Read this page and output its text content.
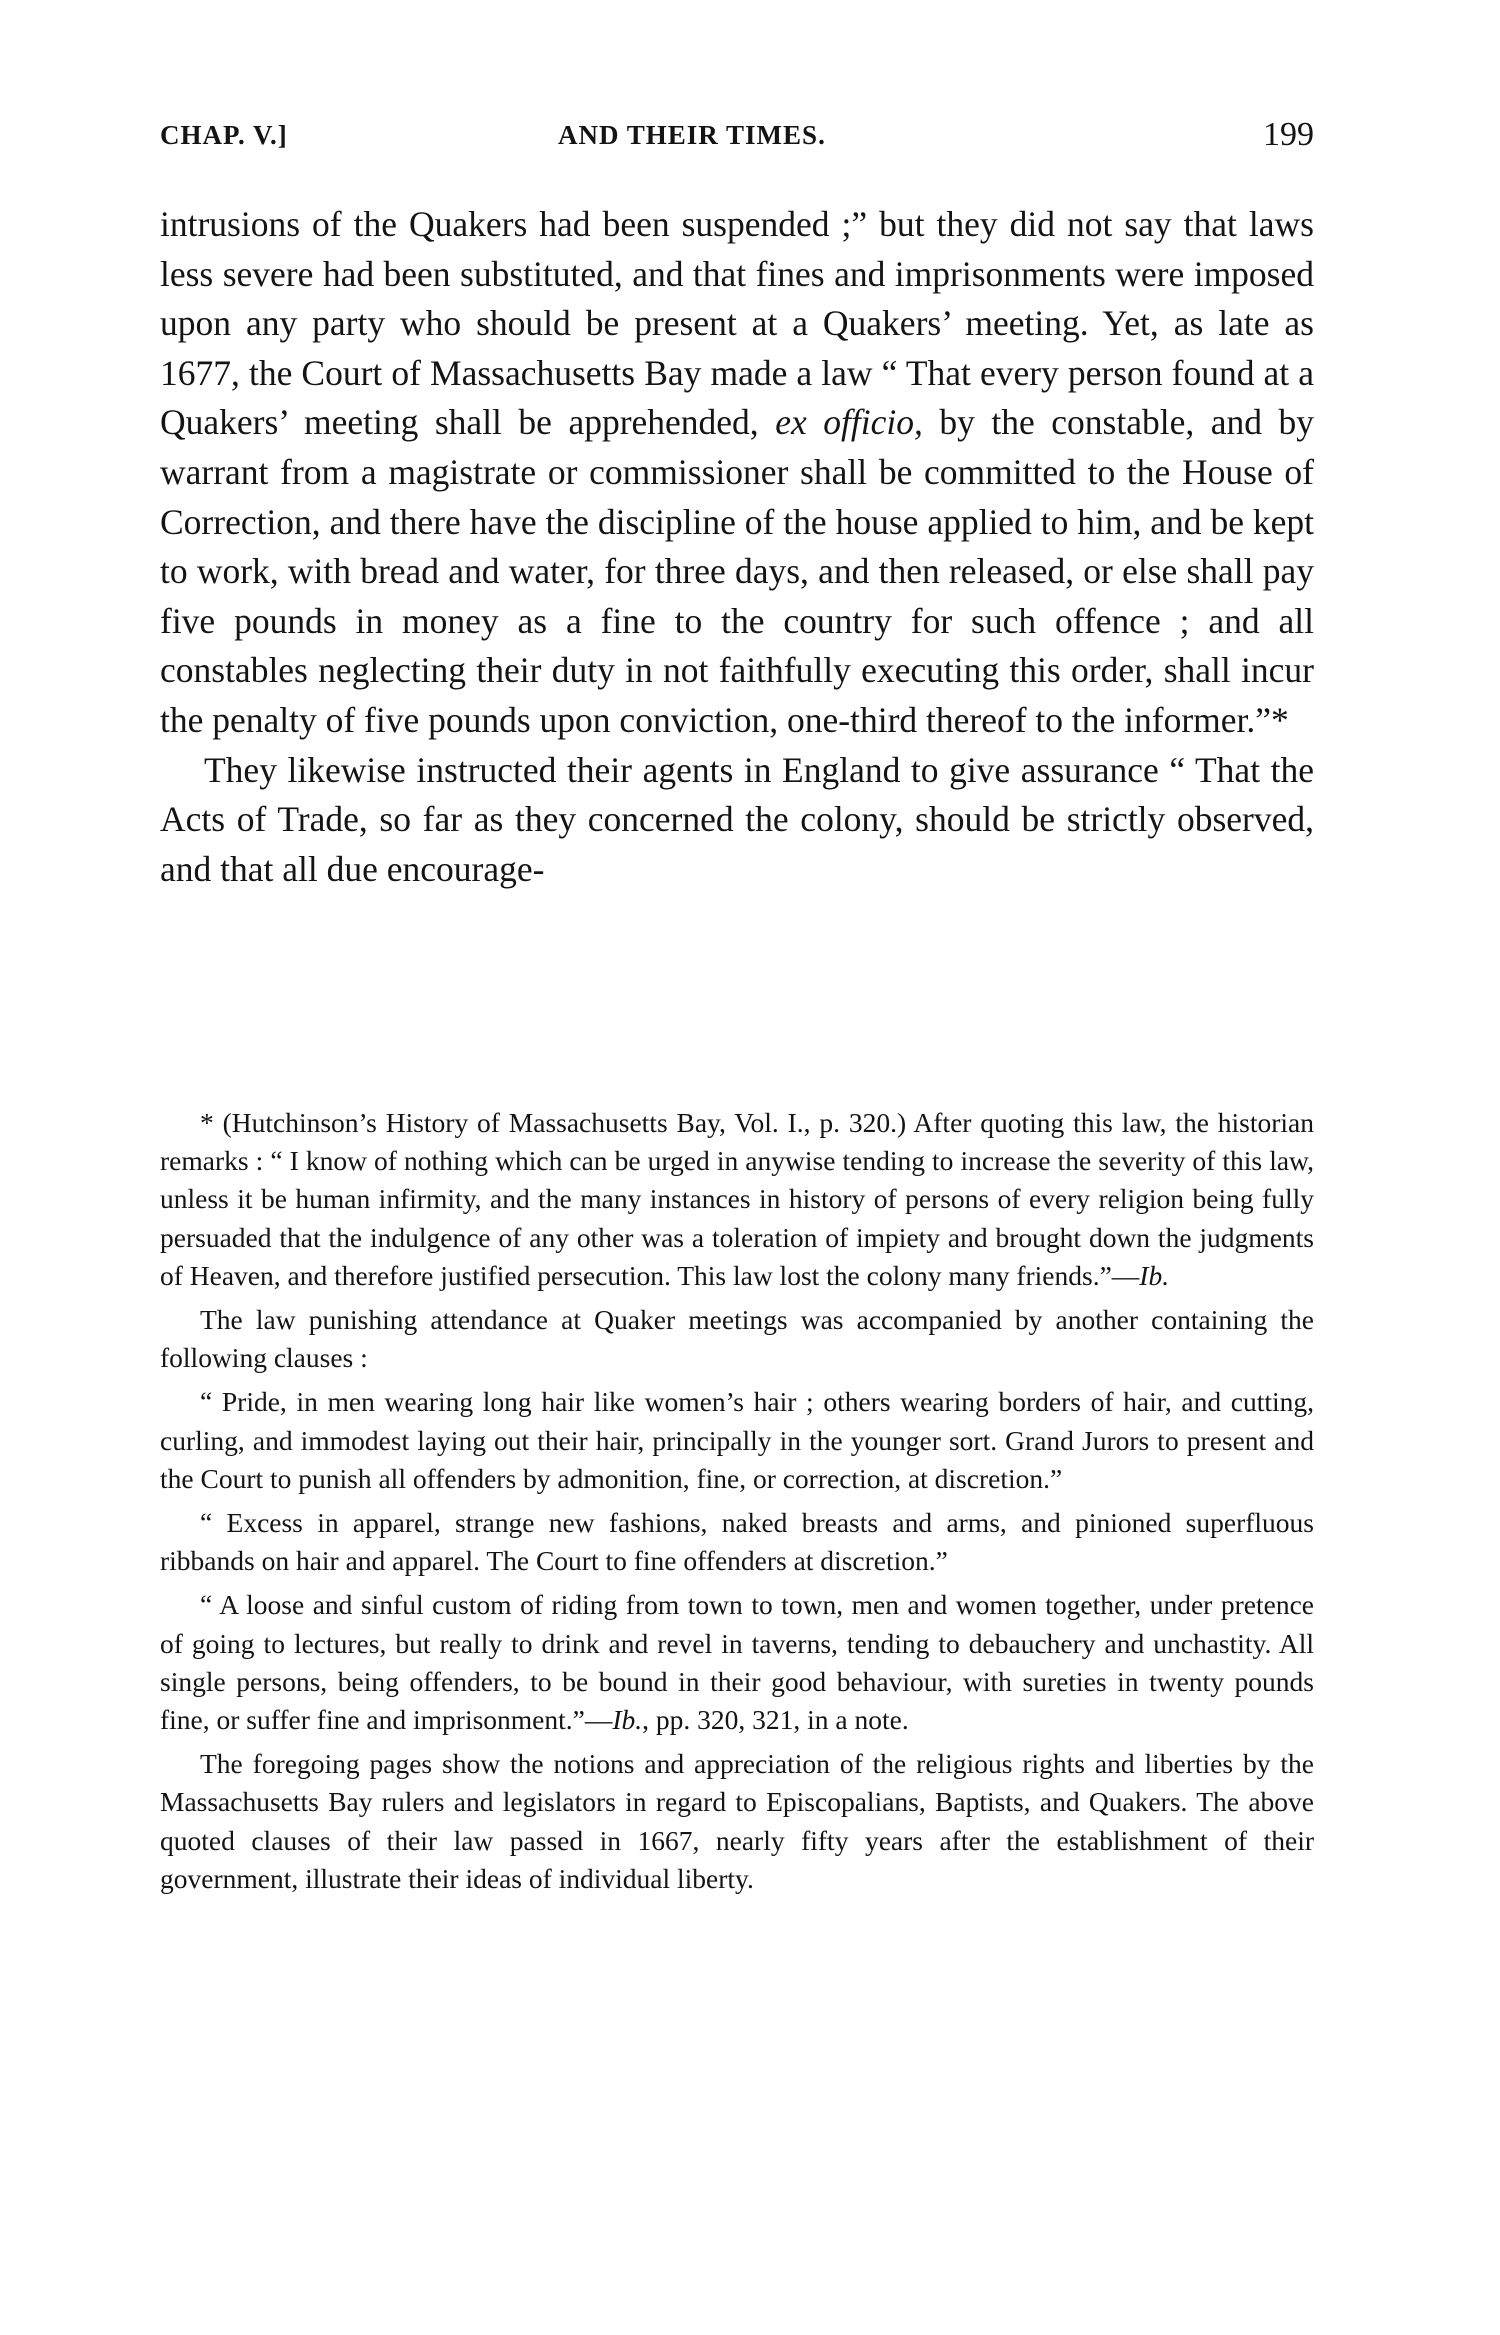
CHAP. V.]	AND THEIR TIMES.	199

intrusions of the Quakers had been suspended ;” but they did not say that laws less severe had been substituted, and that fines and imprisonments were imposed upon any party who should be present at a Quakers’ meeting. Yet, as late as 1677, the Court of Massachusetts Bay made a law “ That every person found at a Quakers’ meeting shall be apprehended, ex officio, by the constable, and by warrant from a magistrate or commissioner shall be committed to the House of Correction, and there have the discipline of the house applied to him, and be kept to work, with bread and water, for three days, and then released, or else shall pay five pounds in money as a fine to the country for such offence ; and all constables neglecting their duty in not faithfully executing this order, shall incur the penalty of five pounds upon conviction, one-third thereof to the informer.”*

They likewise instructed their agents in England to give assurance “ That the Acts of Trade, so far as they concerned the colony, should be strictly observed, and that all due encourage-

* (Hutchinson’s History of Massachusetts Bay, Vol. I., p. 320.) After quoting this law, the historian remarks : “ I know of nothing which can be urged in anywise tending to increase the severity of this law, unless it be human infirmity, and the many instances in history of persons of every religion being fully persuaded that the indulgence of any other was a toleration of impiety and brought down the judgments of Heaven, and therefore justified persecution. This law lost the colony many friends.”—Ib.

The law punishing attendance at Quaker meetings was accompanied by another containing the following clauses :

“ Pride, in men wearing long hair like women’s hair ; others wearing borders of hair, and cutting, curling, and immodest laying out their hair, principally in the younger sort. Grand Jurors to present and the Court to punish all offenders by admonition, fine, or correction, at discretion.”

“ Excess in apparel, strange new fashions, naked breasts and arms, and pinioned superfluous ribbands on hair and apparel. The Court to fine offenders at discretion.”

“ A loose and sinful custom of riding from town to town, men and women together, under pretence of going to lectures, but really to drink and revel in taverns, tending to debauchery and unchastity. All single persons, being offenders, to be bound in their good behaviour, with sureties in twenty pounds fine, or suffer fine and imprisonment.”—Ib., pp. 320, 321, in a note.

The foregoing pages show the notions and appreciation of the religious rights and liberties by the Massachusetts Bay rulers and legislators in regard to Episcopalians, Baptists, and Quakers. The above quoted clauses of their law passed in 1667, nearly fifty years after the establishment of their government, illustrate their ideas of individual liberty.
